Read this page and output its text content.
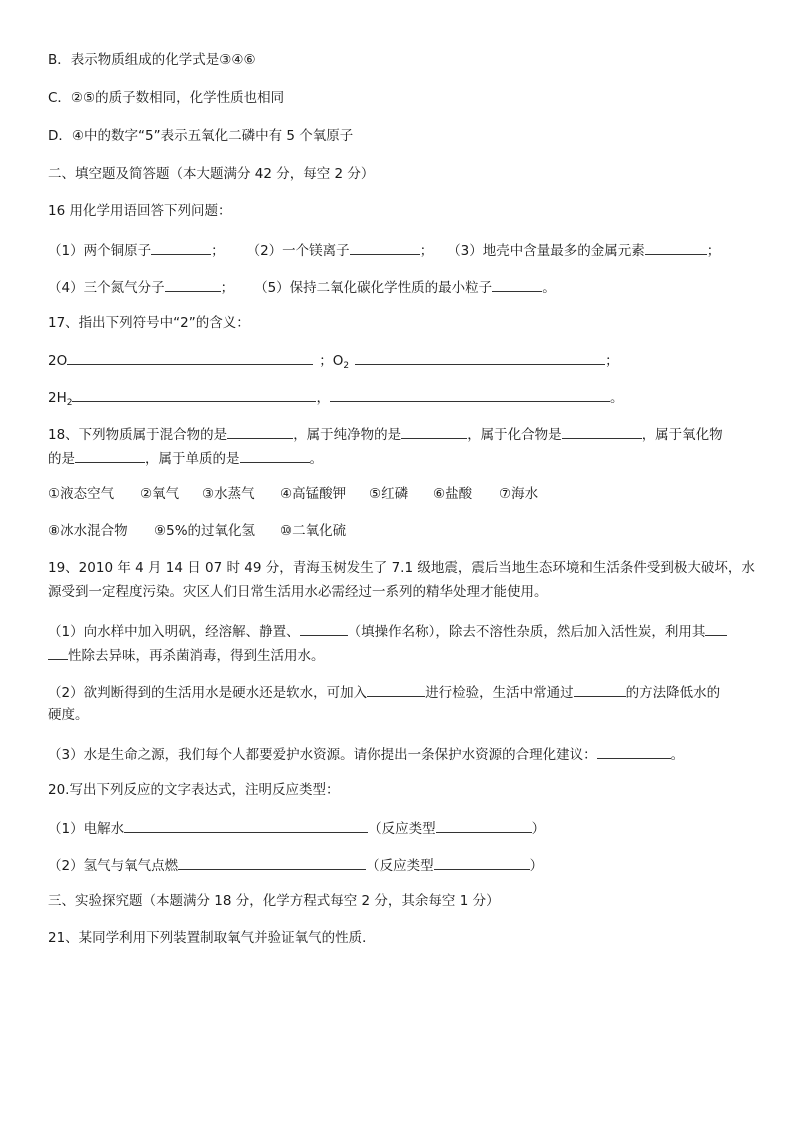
B．表示物质组成的化学式是③④⑥
C．②⑤的质子数相同，化学性质也相同
D．④中的数字“5”表示五氧化二磷中有 5 个氧原子
二、填空题及简答题（本大题满分 42 分，每空 2 分）
16 用化学用语回答下列问题：
（1）两个铜原子	； （2）一个镁离子	； （3）地壳中含量最多的金属元素	；
（4）三个氮气分子	； （5）保持二氧化碳化学性质的最小粒子	。
17、指出下列符号中“2”的含义：
2O	；$O_2$	；
$2H_2$	，	。
18、下列物质属于混合物的是	，属于纯净物的是	，属于化合物是	，属于氧化物
的是	，属于单质的是	。
①液态空气 ②氧气 ③水蒸气 ④高锰酸钾 ⑤红磷 ⑥盐酸 ⑦海水
⑧冰水混合物 ⑨5%的过氧化氢 ⑩二氧化硫
19、2010 年 4 月 14 日 07 时 49 分，青海玉树发生了 7.1 级地震，震后当地生态环境和生活条件受到极大破坏，水
源受到一定程度污染。灾区人们日常生活用水必需经过一系列的精华处理才能使用。
（1）向水样中加入明矾，经溶解、静置、	（填操作名称），除去不溶性杂质，然后加入活性炭，利用其
性除去异味，再杀菌消毒，得到生活用水。
（2）欲判断得到的生活用水是硬水还是软水，可加入	进行检验，生活中常通过	的方法降低水的
硬度。
（3）水是生命之源，我们每个人都要爱护水资源。请你提出一条保护水资源的合理化建议：	。
20.写出下列反应的文字表达式，注明反应类型：
（1）电解水	（反应类型	）
（2）氢气与氧气点燃	（反应类型	）
三、实验探究题（本题满分 18 分，化学方程式每空 2 分，其余每空 1 分）
21、某同学利用下列装置制取氧气并验证氧气的性质．
